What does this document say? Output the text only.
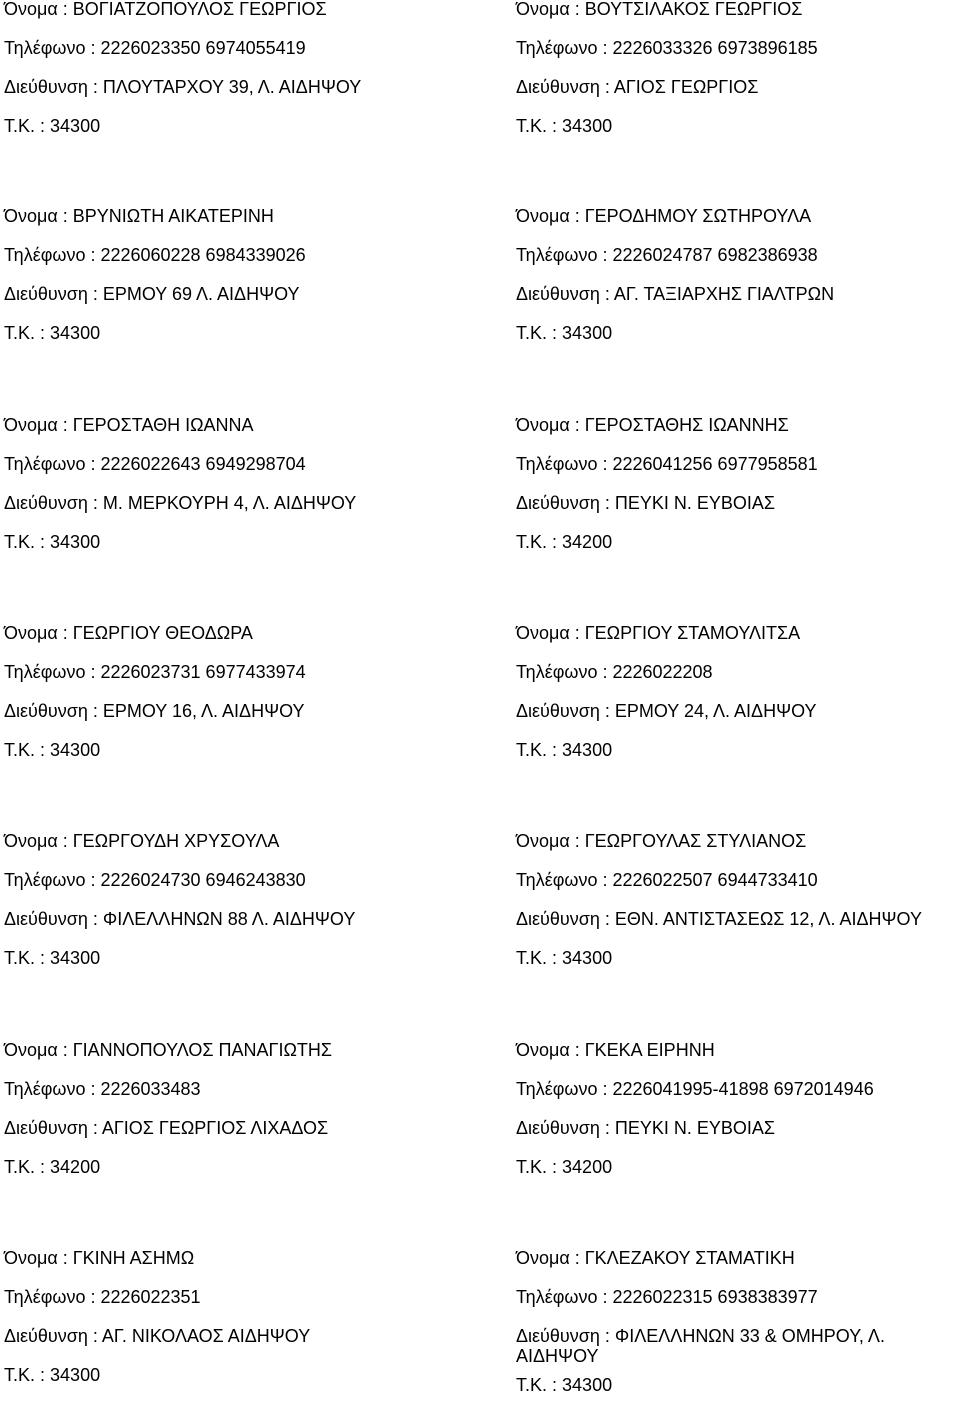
Όνομα : ΒΟΓΙΑΤΖΟΠΟΥΛΟΣ ΓΕΩΡΓΙΟΣ
Τηλέφωνο : 2226023350 6974055419
Διεύθυνση : ΠΛΟΥΤΑΡΧΟΥ 39, Λ. ΑΙΔΗΨΟΥ
Τ.Κ. : 34300
Όνομα : ΒΟΥΤΣΙΛΑΚΟΣ ΓΕΩΡΓΙΟΣ
Τηλέφωνο : 2226033326 6973896185
Διεύθυνση : ΑΓΙΟΣ ΓΕΩΡΓΙΟΣ
Τ.Κ. : 34300
Όνομα : ΒΡΥΝΙΩΤΗ ΑΙΚΑΤΕΡΙΝΗ
Τηλέφωνο : 2226060228 6984339026
Διεύθυνση : ΕΡΜΟΥ 69 Λ. ΑΙΔΗΨΟΥ
Τ.Κ. : 34300
Όνομα : ΓΕΡΟΔΗΜΟΥ ΣΩΤΗΡΟΥΛΑ
Τηλέφωνο : 2226024787 6982386938
Διεύθυνση : ΑΓ. ΤΑΞΙΑΡΧΗΣ ΓΙΑΛΤΡΩΝ
Τ.Κ. : 34300
Όνομα : ΓΕΡΟΣΤΑΘΗ ΙΩΑΝΝΑ
Τηλέφωνο : 2226022643 6949298704
Διεύθυνση : Μ. ΜΕΡΚΟΥΡΗ 4, Λ. ΑΙΔΗΨΟΥ
Τ.Κ. : 34300
Όνομα : ΓΕΡΟΣΤΑΘΗΣ ΙΩΑΝΝΗΣ
Τηλέφωνο : 2226041256 6977958581
Διεύθυνση : ΠΕΥΚΙ Ν. ΕΥΒΟΙΑΣ
Τ.Κ. : 34200
Όνομα : ΓΕΩΡΓΙΟΥ ΘΕΟΔΩΡΑ
Τηλέφωνο : 2226023731 6977433974
Διεύθυνση : ΕΡΜΟΥ 16, Λ. ΑΙΔΗΨΟΥ
Τ.Κ. : 34300
Όνομα : ΓΕΩΡΓΙΟΥ ΣΤΑΜΟΥΛΙΤΣΑ
Τηλέφωνο : 2226022208
Διεύθυνση : ΕΡΜΟΥ 24, Λ. ΑΙΔΗΨΟΥ
Τ.Κ. : 34300
Όνομα : ΓΕΩΡΓΟΥΔΗ ΧΡΥΣΟΥΛΑ
Τηλέφωνο : 2226024730 6946243830
Διεύθυνση : ΦΙΛΕΛΛΗΝΩΝ 88 Λ. ΑΙΔΗΨΟΥ
Τ.Κ. : 34300
Όνομα : ΓΕΩΡΓΟΥΛΑΣ ΣΤΥΛΙΑΝΟΣ
Τηλέφωνο : 2226022507 6944733410
Διεύθυνση : ΕΘΝ. ΑΝΤΙΣΤΑΣΕΩΣ 12, Λ. ΑΙΔΗΨΟΥ
Τ.Κ. : 34300
Όνομα : ΓΙΑΝΝΟΠΟΥΛΟΣ ΠΑΝΑΓΙΩΤΗΣ
Τηλέφωνο : 2226033483
Διεύθυνση : ΑΓΙΟΣ ΓΕΩΡΓΙΟΣ ΛΙΧΑΔΟΣ
Τ.Κ. : 34200
Όνομα : ΓΚΕΚΑ ΕΙΡΗΝΗ
Τηλέφωνο : 2226041995-41898 6972014946
Διεύθυνση : ΠΕΥΚΙ Ν. ΕΥΒΟΙΑΣ
Τ.Κ. : 34200
Όνομα : ΓΚΙΝΗ ΑΣΗΜΩ
Τηλέφωνο : 2226022351
Διεύθυνση : ΑΓ. ΝΙΚΟΛΑΟΣ ΑΙΔΗΨΟΥ
Τ.Κ. : 34300
Όνομα : ΓΚΛΕΖΑΚΟΥ ΣΤΑΜΑΤΙΚΗ
Τηλέφωνο : 2226022315 6938383977
Διεύθυνση : ΦΙΛΕΛΛΗΝΩΝ 33 & ΟΜΗΡΟΥ, Λ. ΑΙΔΗΨΟΥ
Τ.Κ. : 34300
